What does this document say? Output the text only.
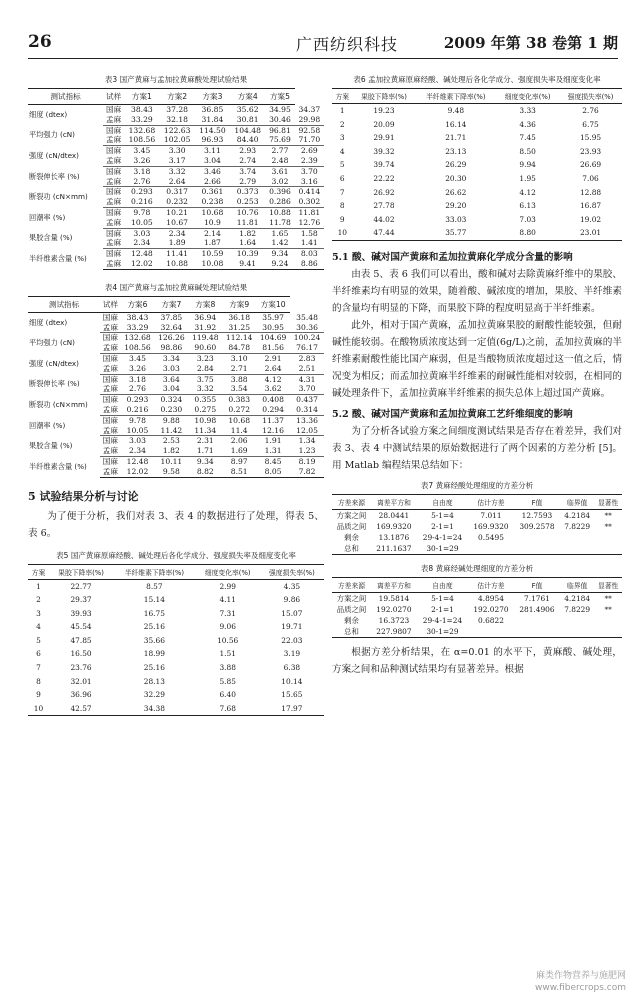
26	广西纺织科技	2009 年第 38 卷第 1 期
表3 国产黄麻与孟加拉黄麻酸处理试验结果
测试指标	试样	方案1	方案2	方案3	方案4	方案5	
细度 (dtex)	国麻	38.43	37.28	36.85	35.62	34.95	34.37
	孟麻	33.29	32.18	31.84	30.81	30.46	29.98
平均强力 (cN)	国麻	132.68	122.63	114.50	104.48	96.81	92.58
	孟麻	108.56	102.05	96.93	84.40	75.69	71.70
强度 (cN/dtex)	国麻	3.45	3.30	3.11	2.93	2.77	2.69
	孟麻	3.26	3.17	3.04	2.74	2.48	2.39
断裂伸长率 (%)	国麻	3.18	3.32	3.46	3.74	3.61	3.70
	孟麻	2.76	2.64	2.66	2.79	3.02	3.16
断裂功 (cN×mm)	国麻	0.293	0.317	0.361	0.373	0.396	0.414
	孟麻	0.216	0.232	0.238	0.253	0.286	0.302
回潮率 (%)	国麻	9.78	10.21	10.68	10.76	10.88	11.81
	孟麻	10.05	10.67	10.9	11.81	11.78	12.76
果胶含量 (%)	国麻	3.03	2.34	2.14	1.82	1.65	1.58
	孟麻	2.34	1.89	1.87	1.64	1.42	1.41
半纤维素含量 (%)	国麻	12.48	11.41	10.59	10.39	9.34	8.03
	孟麻	12.02	10.88	10.08	9.41	9.24	8.86
表4 国产黄麻与孟加拉黄麻碱处理试验结果
测试指标	试样	方案6	方案7	方案8	方案9	方案10	
细度 (dtex)	国麻	38.43	37.85	36.94	36.18	35.97	35.48
	孟麻	33.29	32.64	31.92	31.25	30.95	30.36
平均强力 (cN)	国麻	132.68	126.26	119.48	112.14	104.69	100.24
	孟麻	108.56	98.86	90.60	84.78	81.56	76.17
强度 (cN/dtex)	国麻	3.45	3.34	3.23	3.10	2.91	2.83
	孟麻	3.26	3.03	2.84	2.71	2.64	2.51
断裂伸长率 (%)	国麻	3.18	3.64	3.75	3.88	4.12	4.31
	孟麻	2.76	3.04	3.32	3.54	3.62	3.70
断裂功 (cN×mm)	国麻	0.293	0.324	0.355	0.383	0.408	0.437
	孟麻	0.216	0.230	0.275	0.272	0.294	0.314
回潮率 (%)	国麻	9.78	9.88	10.98	10.68	11.37	13.36
	孟麻	10.05	11.42	11.34	11.4	12.16	12.05
果胶含量 (%)	国麻	3.03	2.53	2.31	2.06	1.91	1.34
	孟麻	2.34	1.82	1.71	1.69	1.31	1.23
半纤维素含量 (%)	国麻	12.48	10.11	9.34	8.97	8.45	8.19
	孟麻	12.02	9.58	8.82	8.51	8.05	7.82
5 试验结果分析与讨论

为了便于分析，我们对表 3、表 4 的数据进行了处理，得表 5、表 6。

表5 国产黄麻原麻经酸、碱处理后各化学成分、强度损失率及细度变化率
方案	果胶下降率(%)	半纤维素下降率(%)	细度变化率(%)	强度损失率(%)
1	22.77	8.57	2.99	4.35
2	29.37	15.14	4.11	9.86
3	39.93	16.75	7.31	15.07
4	45.54	25.16	9.06	19.71
5	47.85	35.66	10.56	22.03
6	16.50	18.99	1.51	3.19
7	23.76	25.16	3.88	6.38
8	32.01	28.13	5.85	10.14
9	36.96	32.29	6.40	15.65
10	42.57	34.38	7.68	17.97
表6 孟加拉黄麻原麻经酸、碱处理后各化学成分、强度损失率及细度变化率
方案	果胶下降率(%)	半纤维素下降率(%)	细度变化率(%)	强度损失率(%)
1	19.23	9.48	3.33	2.76
2	20.09	16.14	4.36	6.75
3	29.91	21.71	7.45	15.95
4	39.32	23.13	8.50	23.93
5	39.74	26.29	9.94	26.69
6	22.22	20.30	1.95	7.06
7	26.92	26.62	4.12	12.88
8	27.78	29.20	6.13	16.87
9	44.02	33.03	7.03	19.02
10	47.44	35.77	8.80	23.01
5.1 酸、碱对国产黄麻和孟加拉黄麻化学成分含量的影响

由表 5、表 6 我们可以看出，酸和碱对去除黄麻纤维中的果胶、半纤维素均有明显的效果，随着酸、碱浓度的增加，果胶、半纤维素的含量均有明显的下降，而果胶下降的程度明显高于半纤维素。

此外，相对于国产黄麻，孟加拉黄麻果胶的耐酸性能较强，但耐碱性能较弱。在酸物质浓度达到一定值(6g/L)之前，孟加拉黄麻的半纤维素耐酸性能比国产麻弱，但是当酸物质浓度超过这一值之后，情况变为相反；而孟加拉黄麻半纤维素的耐碱性能相对较弱，在相同的碱处理条件下，孟加拉黄麻半纤维素的损失总体上超过国产黄麻。

5.2 酸、碱对国产黄麻和孟加拉黄麻工艺纤维细度的影响

为了分析各试验方案之间细度测试结果是否存在着差异，我们对表 3、表 4 中测试结果的原始数据进行了两个因素的方差分析 [5]。用 Matlab 编程结果总结如下：

表7 黄麻经酸处理细度的方差分析
方差来源	离差平方和	自由度	估计方差	F值	临界值	显著性
方案之间	28.0441	5-1=4	7.011	12.7593	4.2184	**
品质之间	169.9320	2-1=1	169.9320	309.2578	7.8229	**
剩余	13.1876	29-4-1=24	0.5495			
总和	211.1637	30-1=29				
表8 黄麻经碱处理细度的方差分析
方差来源	离差平方和	自由度	估计方差	F值	临界值	显著性
方案之间	19.5814	5-1=4	4.8954	7.1761	4.2184	**
品质之间	192.0270	2-1=1	192.0270	281.4906	7.8229	**
剩余	16.3723	29-4-1=24	0.6822			
总和	227.9807	30-1=29				

根据方差分析结果，在 α=0.01 的水平下，黄麻酸、碱处理，方案之间和品种测试结果均有显著差异。根据

麻类作物营养与施肥网
www.fibercrops.com
